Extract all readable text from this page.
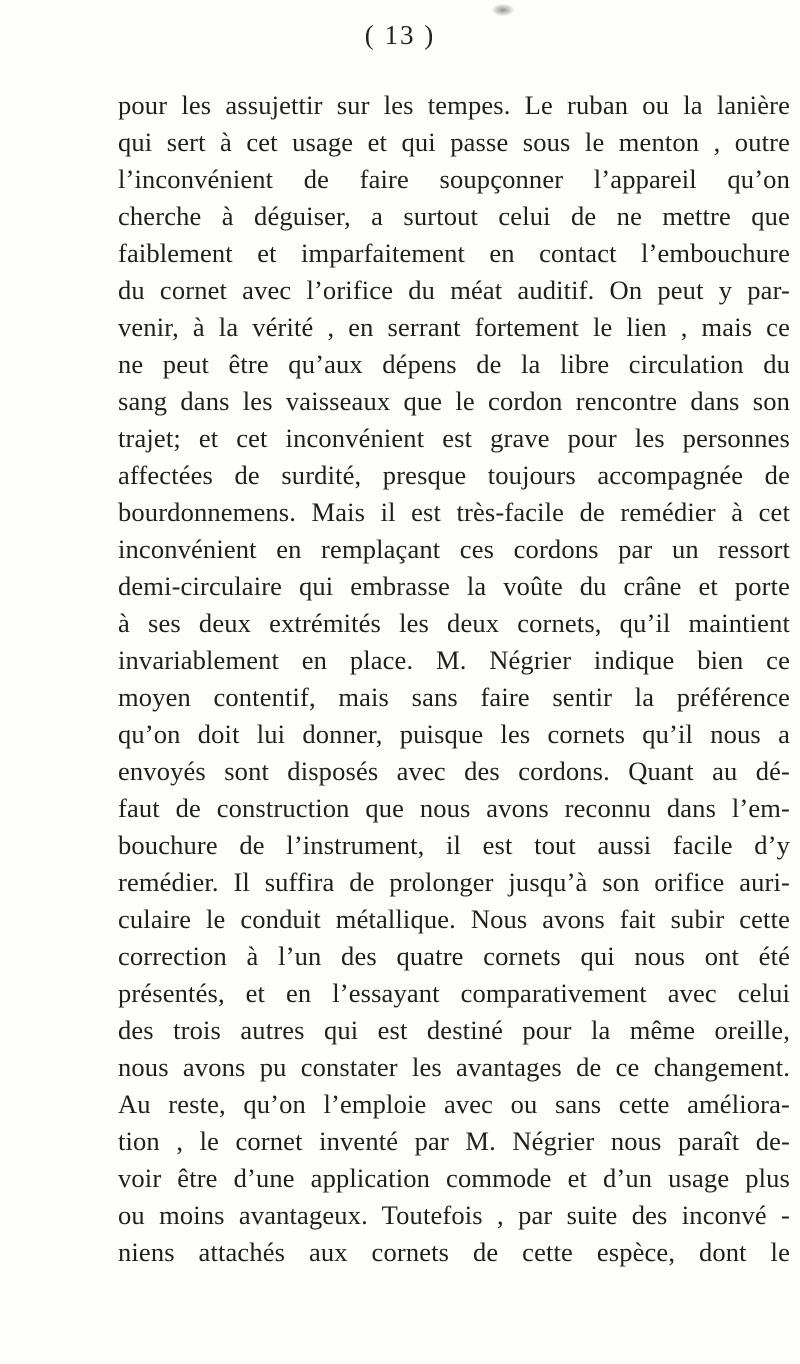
( 13 )
pour les assujettir sur les tempes. Le ruban ou la lanière
qui sert à cet usage et qui passe sous le menton , outre
l’inconvénient de faire soupçonner l’appareil qu’on
cherche à déguiser, a surtout celui de ne mettre que
faiblement et imparfaitement en contact l’embouchure
du cornet avec l’orifice du méat auditif. On peut y par-
venir, à la vérité , en serrant fortement le lien , mais ce
ne peut être qu’aux dépens de la libre circulation du
sang dans les vaisseaux que le cordon rencontre dans son
trajet; et cet inconvénient est grave pour les personnes
affectées de surdité, presque toujours accompagnée de
bourdonnemens. Mais il est très-facile de remédier à cet
inconvénient en remplaçant ces cordons par un ressort
demi-circulaire qui embrasse la voûte du crâne et porte
à ses deux extrémités les deux cornets, qu’il maintient
invariablement en place. M. Négrier indique bien ce
moyen contentif, mais sans faire sentir la préférence
qu’on doit lui donner, puisque les cornets qu’il nous a
envoyés sont disposés avec des cordons. Quant au dé-
faut de construction que nous avons reconnu dans l’em-
bouchure de l’instrument, il est tout aussi facile d’y
remédier. Il suffira de prolonger jusqu’à son orifice auri-
culaire le conduit métallique. Nous avons fait subir cette
correction à l’un des quatre cornets qui nous ont été
présentés, et en l’essayant comparativement avec celui
des trois autres qui est destiné pour la même oreille,
nous avons pu constater les avantages de ce changement.
Au reste, qu’on l’emploie avec ou sans cette améliora-
tion , le cornet inventé par M. Négrier nous paraît de-
voir être d’une application commode et d’un usage plus
ou moins avantageux. Toutefois , par suite des inconvé -
niens attachés aux cornets de cette espèce, dont le
